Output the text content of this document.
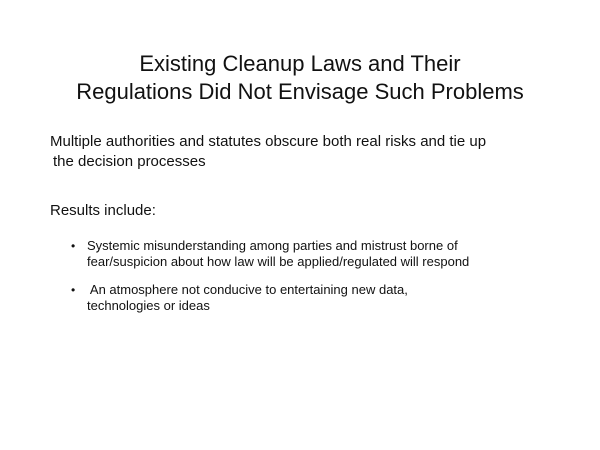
Existing Cleanup Laws and Their
Regulations Did Not Envisage Such Problems

Multiple authorities and statutes obscure both real risks and tie up
the decision processes

Results include:

• Systemic misunderstanding among parties and mistrust borne of
fear/suspicion about how law will be applied/regulated will respond
• An atmosphere not conducive to entertaining new data,
technologies or ideas
